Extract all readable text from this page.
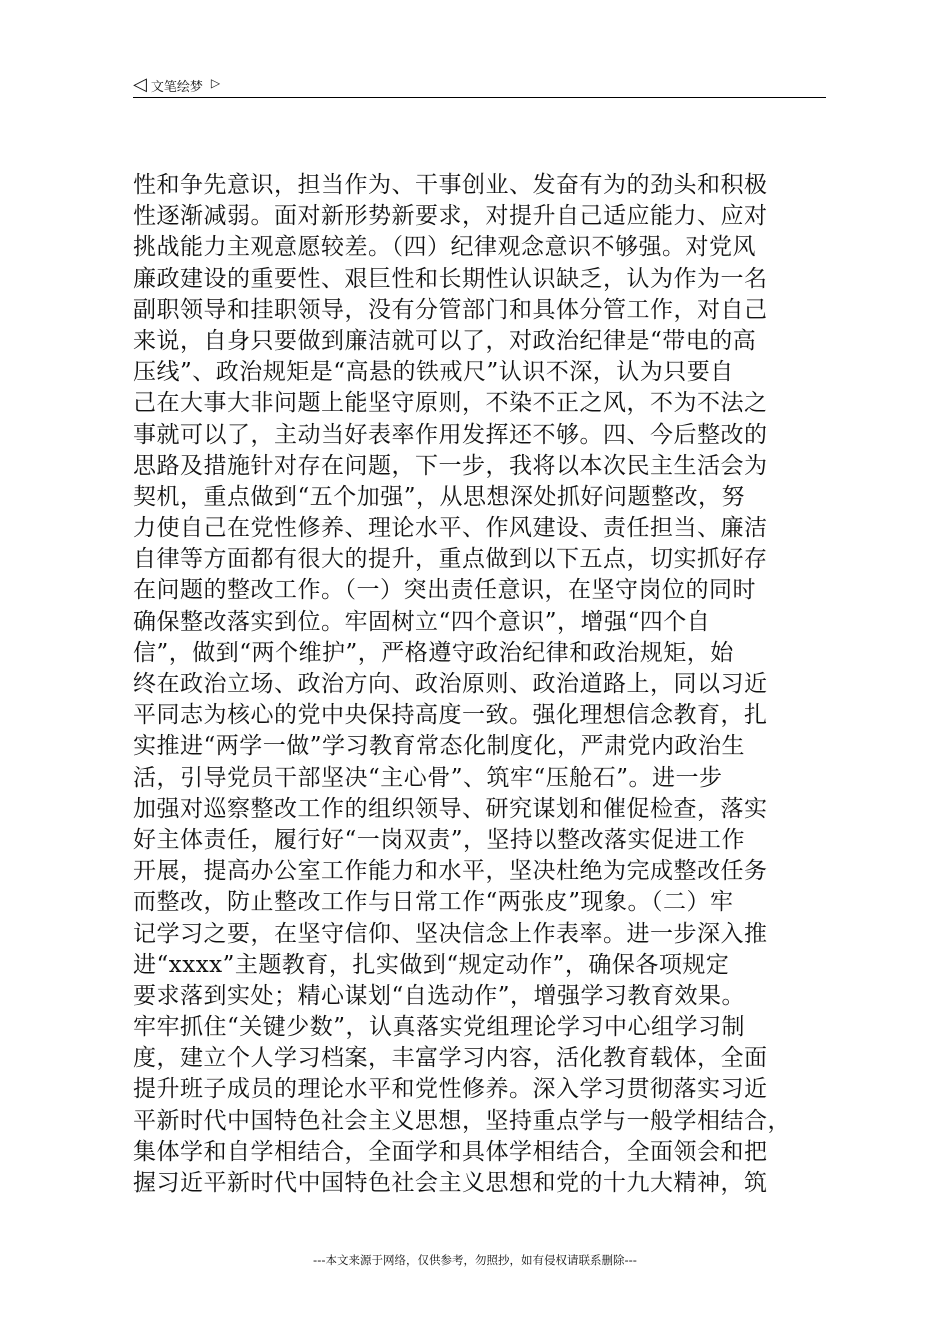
◁ 文笔绘梦 ▷
性和争先意识，担当作为、干事创业、发奋有为的劲头和积极
性逐渐减弱。面对新形势新要求，对提升自己适应能力、应对
挑战能力主观意愿较差。（四）纪律观念意识不够强。对党风
廉政建设的重要性、艰巨性和长期性认识缺乏，认为作为一名
副职领导和挂职领导，没有分管部门和具体分管工作，对自己
来说，自身只要做到廉洁就可以了，对政治纪律是“带电的高
压线”、政治规矩是“高悬的铁戒尺”认识不深，认为只要自
己在大事大非问题上能坚守原则，不染不正之风，不为不法之
事就可以了，主动当好表率作用发挥还不够。四、今后整改的
思路及措施针对存在问题，下一步，我将以本次民主生活会为
契机，重点做到“五个加强”，从思想深处抓好问题整改，努
力使自己在党性修养、理论水平、作风建设、责任担当、廉洁
自律等方面都有很大的提升，重点做到以下五点，切实抓好存
在问题的整改工作。（一）突出责任意识，在坚守岗位的同时
确保整改落实到位。牢固树立“四个意识”，增强“四个自
信”，做到“两个维护”，严格遵守政治纪律和政治规矩，始
终在政治立场、政治方向、政治原则、政治道路上，同以习近
平同志为核心的党中央保持高度一致。强化理想信念教育，扎
实推进“两学一做”学习教育常态化制度化，严肃党内政治生
活，引导党员干部坚决“主心骨”、筑牢“压舱石”。进一步
加强对巡察整改工作的组织领导、研究谋划和催促检查，落实
好主体责任，履行好“一岗双责”，坚持以整改落实促进工作
开展，提高办公室工作能力和水平，坚决杜绝为完成整改任务
而整改，防止整改工作与日常工作“两张皮”现象。（二）牢
记学习之要，在坚守信仰、坚决信念上作表率。进一步深入推
进“xxxx”主题教育，扎实做到“规定动作”，确保各项规定
要求落到实处；精心谋划“自选动作”，增强学习教育效果。
牢牢抓住“关键少数”，认真落实党组理论学习中心组学习制
度，建立个人学习档案，丰富学习内容，活化教育载体，全面
提升班子成员的理论水平和党性修养。深入学习贯彻落实习近
平新时代中国特色社会主义思想，坚持重点学与一般学相结合，
集体学和自学相结合，全面学和具体学相结合，全面领会和把
握习近平新时代中国特色社会主义思想和党的十九大精神，筑
---本文来源于网络，仅供参考，勿照抄，如有侵权请联系删除---
